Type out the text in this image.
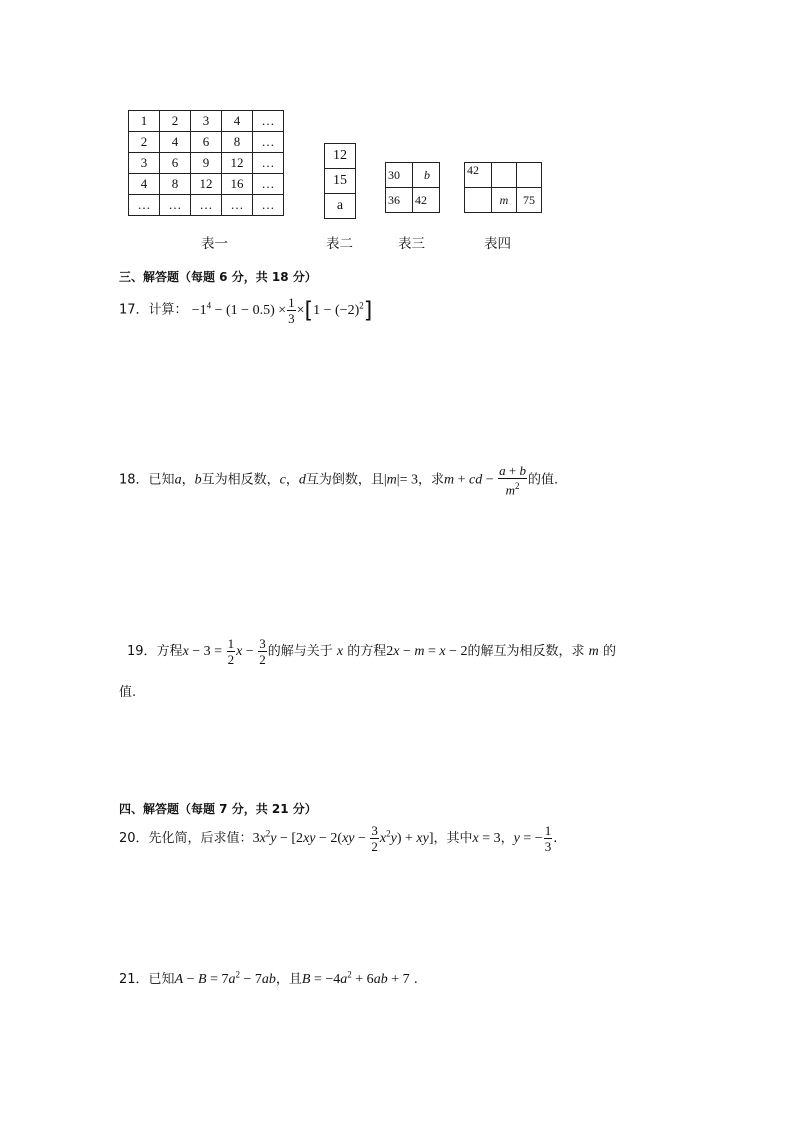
1	2	3	4	…
2	4	6	8	…
3	6	9	12	…
4	8	12	16	…
…	…	…	…	…
表一
12
15
a
表二
30	b
36	42
表三
42		
	m	75
表四
三、解答题（每题 6 分，共 18 分）
17．计算： $-1^4 - (1 - 0.5) \times \frac{1}{3} \times[1 - (-2)^2]$
18．已知a，b互为相反数，c，d互为倒数，且|m|= 3，求m + cd − $\frac{a + b}{m^2}$ 的值.
19．方程$x - 3 = \frac{1}{2}$ $x - \frac{3}{2}$ 的解与关于 x 的方程2x − m = x − 2的解互为相反数，求 m 的
值.
四、解答题（每题 7 分，共 21 分）
20．先化简，后求值：$3x^2y - [2xy - 2(xy - \frac{3}{2} x^2y) + xy]$，其中x = 3，y = − $\frac{1}{3}$ .
21．已知$A - B = 7a^2 - 7ab$，且$B = -4a^2 + 6ab + 7$ .
